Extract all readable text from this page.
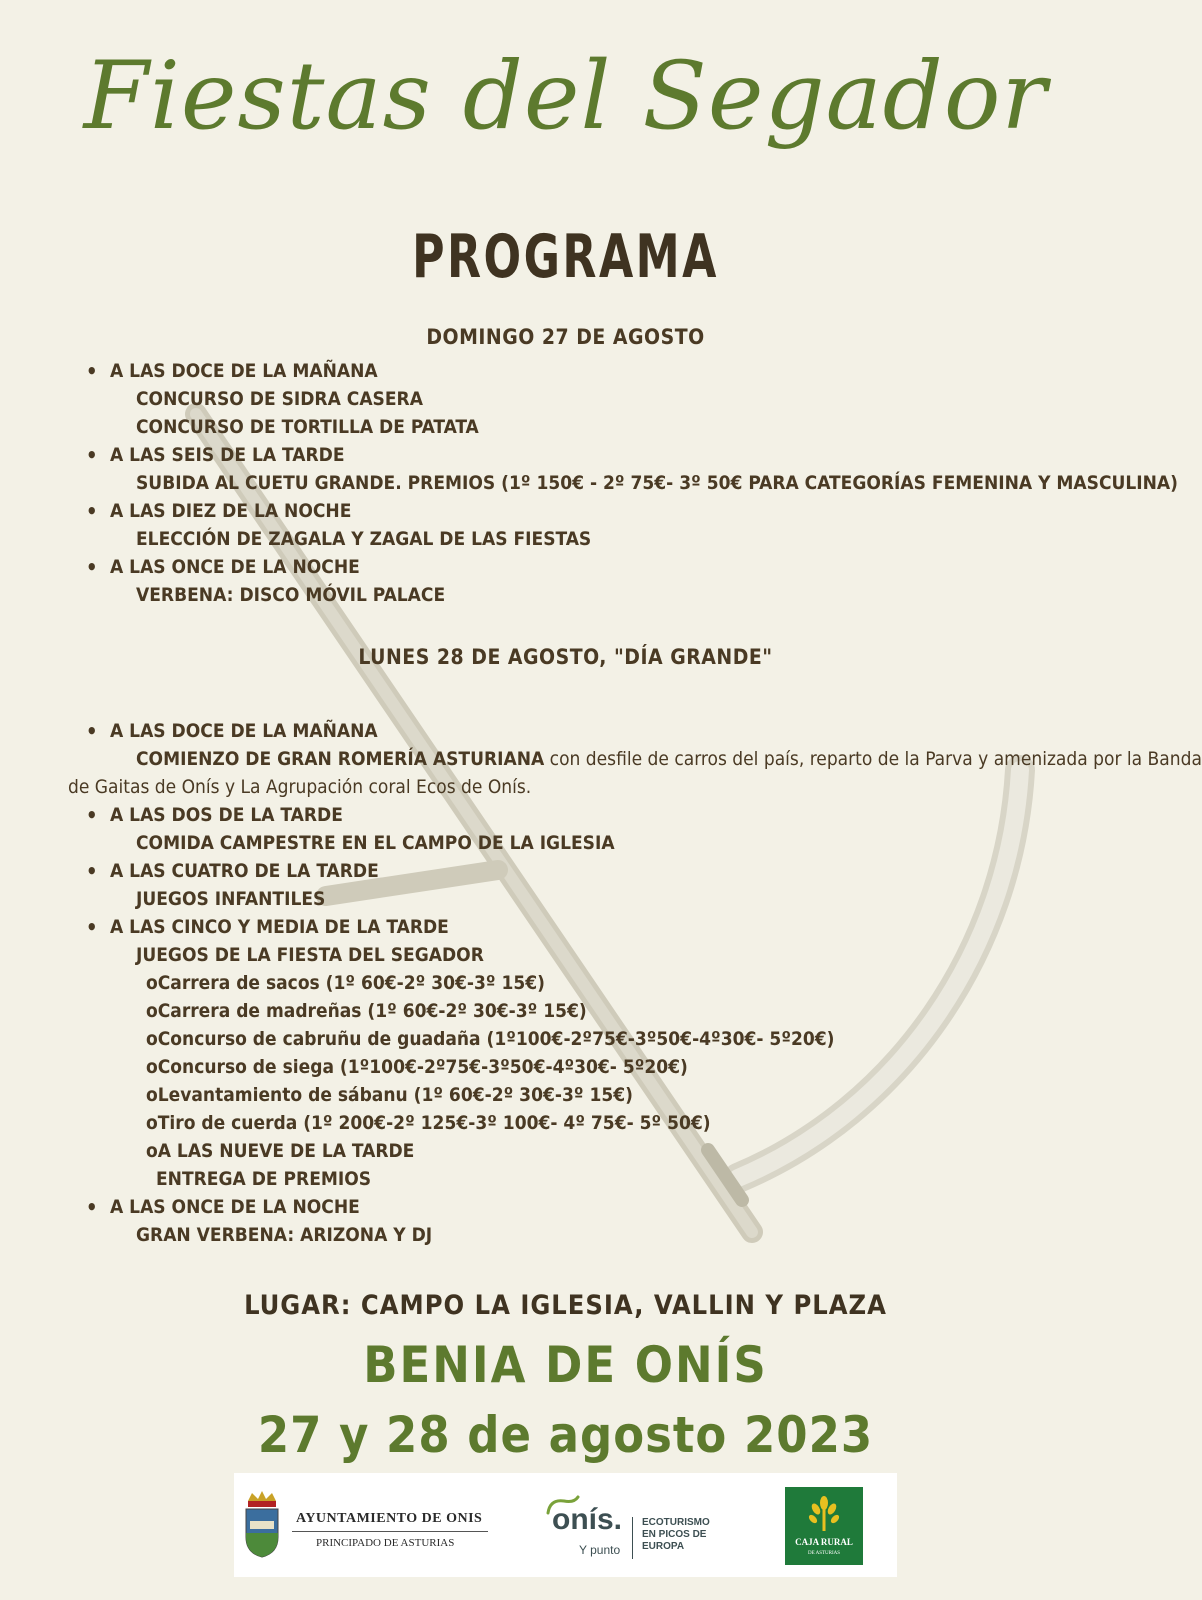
Fiestas del Segador
PROGRAMA
DOMINGO 27 DE AGOSTO
• A LAS DOCE DE LA MAÑANA
CONCURSO DE SIDRA CASERA
CONCURSO DE TORTILLA DE PATATA
• A LAS SEIS DE LA TARDE
SUBIDA AL CUETU GRANDE. PREMIOS (1º 150€ - 2º 75€- 3º 50€ PARA CATEGORÍAS FEMENINA Y MASCULINA)
• A LAS DIEZ DE LA NOCHE
ELECCIÓN DE ZAGALA Y ZAGAL DE LAS FIESTAS
• A LAS ONCE DE LA NOCHE
VERBENA: DISCO MÓVIL PALACE
LUNES 28 DE AGOSTO, "DÍA GRANDE"
• A LAS DOCE DE LA MAÑANA
COMIENZO DE GRAN ROMERÍA ASTURIANA con desfile de carros del país, reparto de la Parva y amenizada por la Banda
de Gaitas de Onís y La Agrupación coral Ecos de Onís.
• A LAS DOS DE LA TARDE
COMIDA CAMPESTRE EN EL CAMPO DE LA IGLESIA
• A LAS CUATRO DE LA TARDE
JUEGOS INFANTILES
• A LAS CINCO Y MEDIA DE LA TARDE
JUEGOS DE LA FIESTA DEL SEGADOR
oCarrera de sacos (1º 60€-2º 30€-3º 15€)
oCarrera de madreñas (1º 60€-2º 30€-3º 15€)
oConcurso de cabruñu de guadaña (1º100€-2º75€-3º50€-4º30€- 5º20€)
oConcurso de siega (1º100€-2º75€-3º50€-4º30€- 5º20€)
oLevantamiento de sábanu (1º 60€-2º 30€-3º 15€)
oTiro de cuerda (1º 200€-2º 125€-3º 100€- 4º 75€- 5º 50€)
oA LAS NUEVE DE LA TARDE
ENTREGA DE PREMIOS
• A LAS ONCE DE LA NOCHE
GRAN VERBENA: ARIZONA Y DJ
LUGAR: CAMPO LA IGLESIA, VALLIN Y PLAZA
BENIA DE ONÍS
27 y 28 de agosto 2023
AYUNTAMIENTO DE ONIS
PRINCIPADO DE ASTURIAS
onís.
Y punto
ECOTURISMO
EN PICOS DE
EUROPA	CAJA RURAL
DE ASTURIAS
